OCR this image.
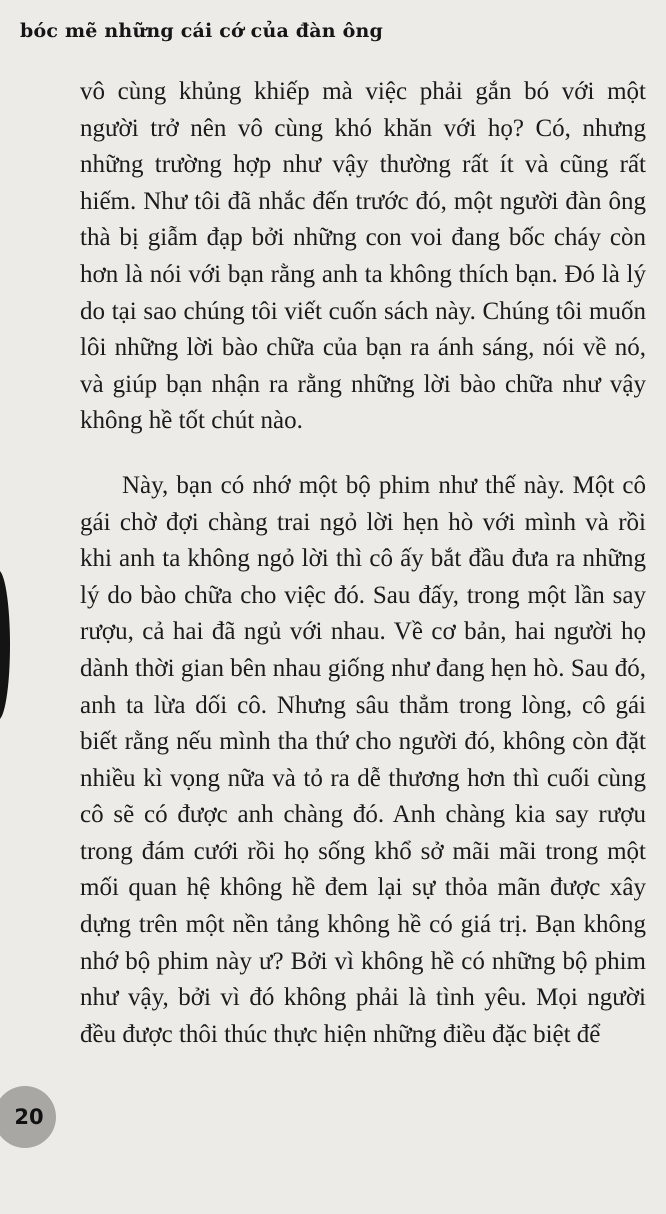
bóc mẽ những cái cớ của đàn ông

vô cùng khủng khiếp mà việc phải gắn bó với một người trở nên vô cùng khó khăn với họ? Có, nhưng những trường hợp như vậy thường rất ít và cũng rất hiếm. Như tôi đã nhắc đến trước đó, một người đàn ông thà bị giẫm đạp bởi những con voi đang bốc cháy còn hơn là nói với bạn rằng anh ta không thích bạn. Đó là lý do tại sao chúng tôi viết cuốn sách này. Chúng tôi muốn lôi những lời bào chữa của bạn ra ánh sáng, nói về nó, và giúp bạn nhận ra rằng những lời bào chữa như vậy không hề tốt chút nào.

Này, bạn có nhớ một bộ phim như thế này. Một cô gái chờ đợi chàng trai ngỏ lời hẹn hò với mình và rồi khi anh ta không ngỏ lời thì cô ấy bắt đầu đưa ra những lý do bào chữa cho việc đó. Sau đấy, trong một lần say rượu, cả hai đã ngủ với nhau. Về cơ bản, hai người họ dành thời gian bên nhau giống như đang hẹn hò. Sau đó, anh ta lừa dối cô. Nhưng sâu thẳm trong lòng, cô gái biết rằng nếu mình tha thứ cho người đó, không còn đặt nhiều kì vọng nữa và tỏ ra dễ thương hơn thì cuối cùng cô sẽ có được anh chàng đó. Anh chàng kia say rượu trong đám cưới rồi họ sống khổ sở mãi mãi trong một mối quan hệ không hề đem lại sự thỏa mãn được xây dựng trên một nền tảng không hề có giá trị. Bạn không nhớ bộ phim này ư? Bởi vì không hề có những bộ phim như vậy, bởi vì đó không phải là tình yêu. Mọi người đều được thôi thúc thực hiện những điều đặc biệt để

20
